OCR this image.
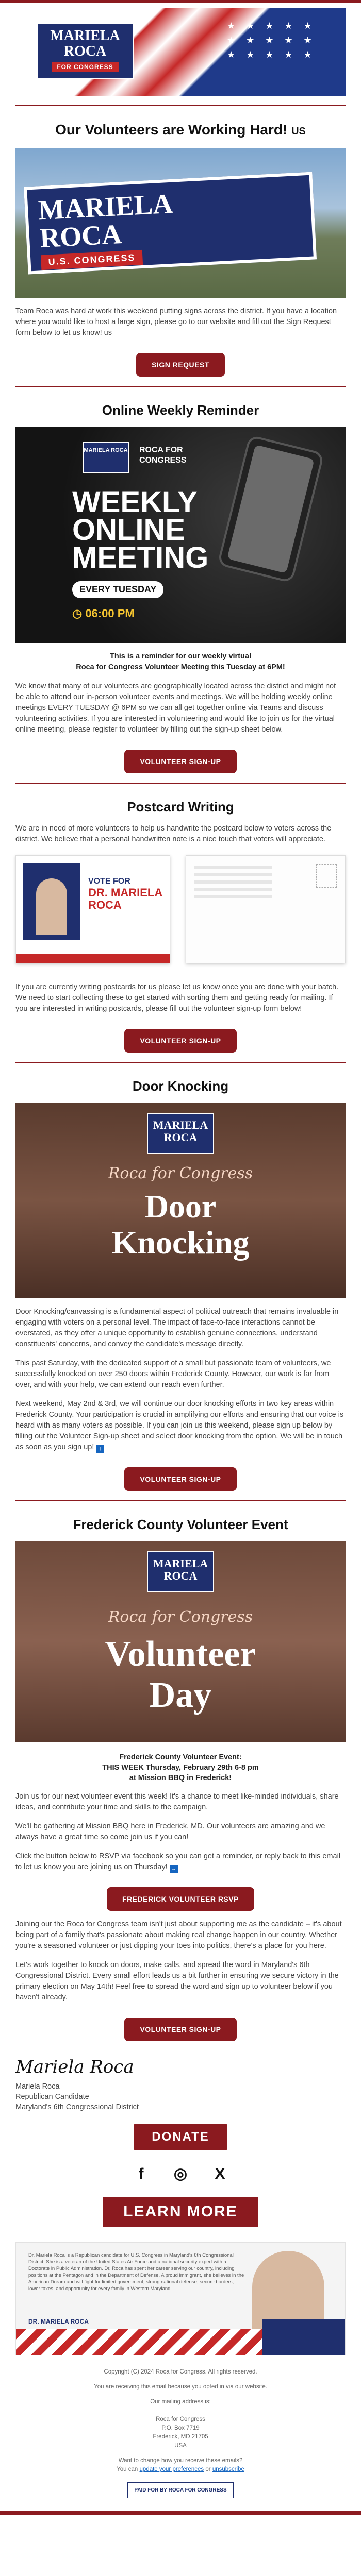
MARIELA
ROCA
FOR CONGRESS
★ ★ ★ ★ ★ ★ ★ ★ ★ ★ ★ ★ ★ ★ ★
Our Volunteers are Working Hard! US
MARIELA
ROCA
U.S. CONGRESS

Team Roca was hard at work this weekend putting signs across the district. If you have a location where you would like to host a large sign, please go to our website and fill out the Sign Request form below to let us know! us

SIGN REQUEST
Online Weekly Reminder
MARIELA ROCA ROCA FOR
CONGRESS
WEEKLY
ONLINE
MEETING
EVERY TUESDAY
◷ 06:00 PM

This is a reminder for our weekly virtual
Roca for Congress Volunteer Meeting this Tuesday at 6PM!

We know that many of our volunteers are geographically located across the district and might not be able to attend our in-person volunteer events and meetings. We will be holding weekly online meetings EVERY TUESDAY @ 6PM so we can all get together online via Teams and discuss volunteering activities. If you are interested in volunteering and would like to join us for the virtual online meeting, please register to volunteer by filling out the sign-up sheet below.

VOLUNTEER SIGN-UP
Postcard Writing

We are in need of more volunteers to help us handwrite the postcard below to voters across the district. We believe that a personal handwritten note is a nice touch that voters will appreciate.

VOTE FOR
DR. MARIELA
ROCA

If you are currently writing postcards for us please let us know once you are done with your batch. We need to start collecting these to get started with sorting them and getting ready for mailing. If you are interested in writing postcards, please fill out the volunteer sign-up form below!

VOLUNTEER SIGN-UP
Door Knocking
MARIELA ROCA
Roca for Congress
Door
Knocking

Door Knocking/canvassing is a fundamental aspect of political outreach that remains invaluable in engaging with voters on a personal level. The impact of face-to-face interactions cannot be overstated, as they offer a unique opportunity to establish genuine connections, understand constituents' concerns, and convey the candidate's message directly.

This past Saturday, with the dedicated support of a small but passionate team of volunteers, we successfully knocked on over 250 doors within Frederick County. However, our work is far from over, and with your help, we can extend our reach even further.

Next weekend, May 2nd & 3rd, we will continue our door knocking efforts in two key areas within Frederick County. Your participation is crucial in amplifying our efforts and ensuring that our voice is heard with as many voters as possible. If you can join us this weekend, please sign up below by filling out the Volunteer Sign-up sheet and select door knocking from the option. We will be in touch as soon as you sign up! ↓

VOLUNTEER SIGN-UP
Frederick County Volunteer Event
MARIELA ROCA
Roca for Congress
Volunteer
Day
Frederick County Volunteer Event:
THIS WEEK Thursday, February 29th 6-8 pm
at Mission BBQ in Frederick!

Join us for our next volunteer event this week! It's a chance to meet like-minded individuals, share ideas, and contribute your time and skills to the campaign.

We'll be gathering at Mission BBQ here in Frederick, MD. Our volunteers are amazing and we always have a great time so come join us if you can!

Click the button below to RSVP via facebook so you can get a reminder, or reply back to this email to let us know you are joining us on Thursday! →

FREDERICK VOLUNTEER RSVP

Joining our the Roca for Congress team isn't just about supporting me as the candidate – it's about being part of a family that's passionate about making real change happen in our country. Whether you're a seasoned volunteer or just dipping your toes into politics, there's a place for you here.

Let's work together to knock on doors, make calls, and spread the word in Maryland's 6th Congressional District. Every small effort leads us a bit further in ensuring we secure victory in the primary election on May 14th! Feel free to spread the word and sign up to volunteer below if you haven't already.

VOLUNTEER SIGN-UP
Mariela Roca
Mariela Roca
Republican Candidate
Maryland's 6th Congressional District
DONATE
f ◎ X
LEARN MORE
Dr. Mariela Roca is a Republican candidate for U.S. Congress in Maryland's 6th Congressional District. She is a veteran of the United States Air Force and a national security expert with a Doctorate in Public Administration. Dr. Roca has spent her career serving our country, including positions at the Pentagon and in the Department of Defense. A proud immigrant, she believes in the American Dream and will fight for limited government, strong national defense, secure borders, lower taxes, and opportunity for every family in Western Maryland.
DR. MARIELA ROCA

Copyright (C) 2024 Roca for Congress. All rights reserved.

You are receiving this email because you opted in via our website.

Our mailing address is:

Roca for Congress
P.O. Box 7719
Frederick, MD 21705
USA

Want to change how you receive these emails?
You can update your preferences or unsubscribe

PAID FOR BY ROCA FOR CONGRESS
